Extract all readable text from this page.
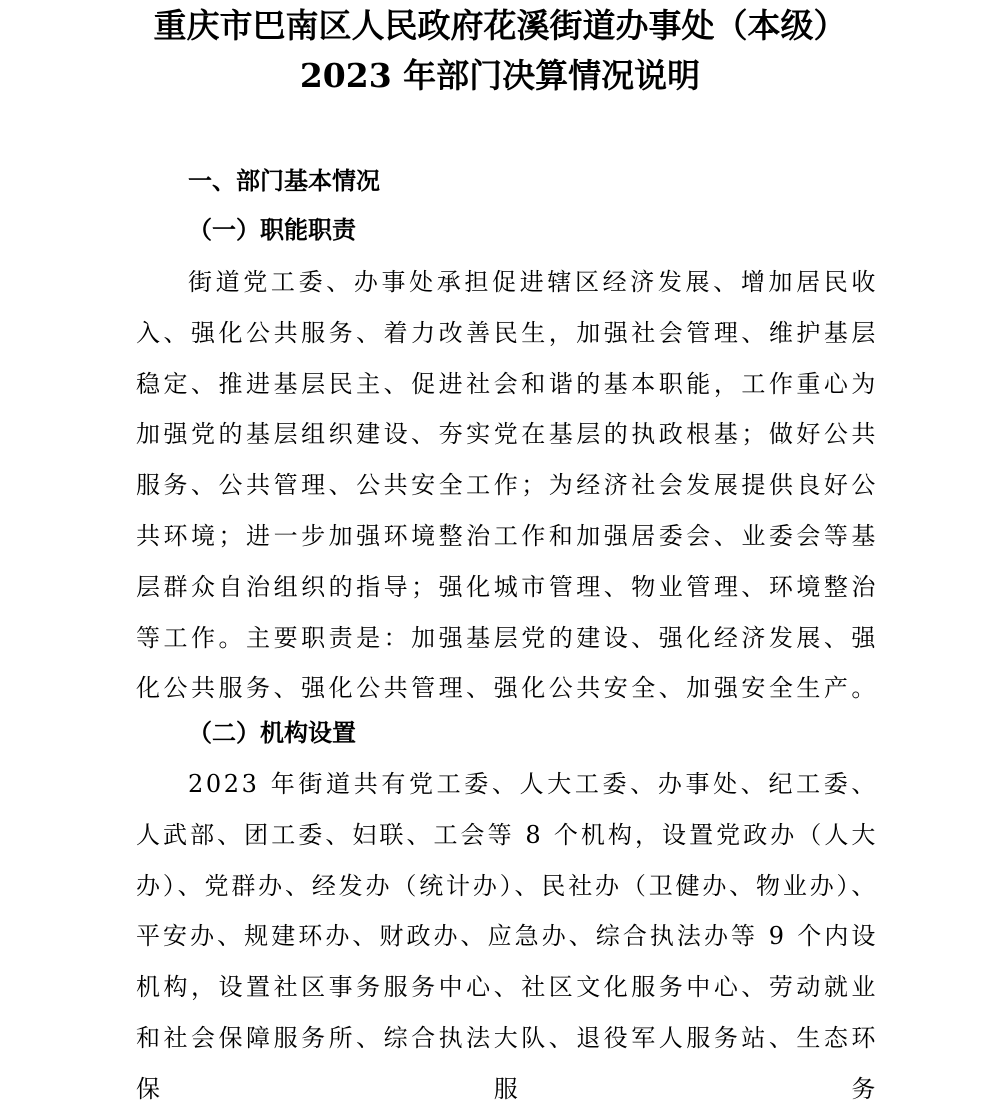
重庆市巴南区人民政府花溪街道办事处（本级）
2023 年部门决算情况说明
一、部门基本情况
（一）职能职责

街道党工委、办事处承担促进辖区经济发展、增加居民收入、强化公共服务、着力改善民生，加强社会管理、维护基层稳定、推进基层民主、促进社会和谐的基本职能，工作重心为加强党的基层组织建设、夯实党在基层的执政根基；做好公共服务、公共管理、公共安全工作；为经济社会发展提供良好公共环境；进一步加强环境整治工作和加强居委会、业委会等基层群众自治组织的指导；强化城市管理、物业管理、环境整治等工作。主要职责是：加强基层党的建设、强化经济发展、强化公共服务、强化公共管理、强化公共安全、加强安全生产。

（二）机构设置

2023 年街道共有党工委、人大工委、办事处、纪工委、人武部、团工委、妇联、工会等 8 个机构，设置党政办（人大办）、党群办、经发办（统计办）、民社办（卫健办、物业办）、平安办、规建环办、财政办、应急办、综合执法办等 9 个内设机构，设置社区事务服务中心、社区文化服务中心、劳动就业和社会保障服务所、综合执法大队、退役军人服务站、生态环保服务
